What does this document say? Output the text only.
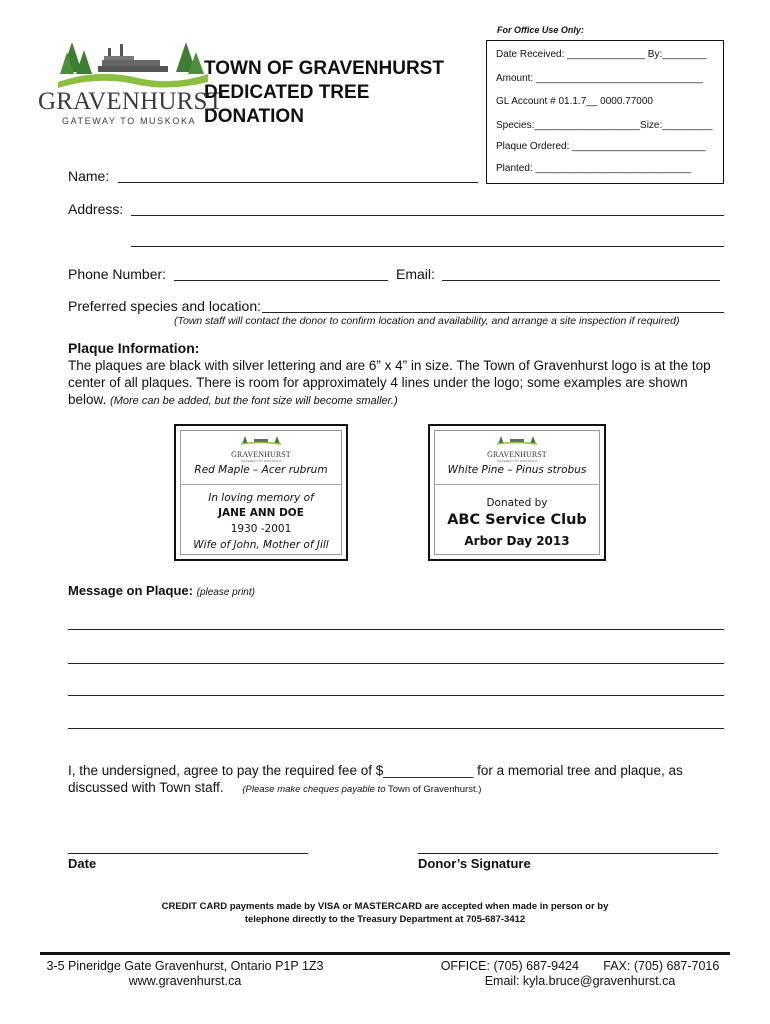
GRAVENHURST
GATEWAY TO MUSKOKA
TOWN OF GRAVENHURST
DEDICATED TREE
DONATION
For Office Use Only:
Date Received: ______________ By:________
Amount: ______________________________
GL Account # 01.1.7__ 0000.77000
Species:___________________Size:_________
Plaque Ordered: ________________________
Planted: ____________________________
Name:
Address:
Phone Number:	Email:
Preferred species and location:
(Town staff will contact the donor to confirm location and availability, and arrange a site inspection if required)
Plaque Information:
The plaques are black with silver lettering and are 6” x 4” in size. The Town of Gravenhurst logo is at the top center of all plaques. There is room for approximately 4 lines under the logo; some examples are shown below. (More can be added, but the font size will become smaller.)
GRAVENHURST
GATEWAY TO MUSKOKA
Red Maple – Acer rubrum
In loving memory of
JANE ANN DOE
1930 -2001
Wife of John, Mother of Jill
GRAVENHURST
GATEWAY TO MUSKOKA
White Pine – Pinus strobus
Donated by
ABC Service Club
Arbor Day 2013
Message on Plaque: (please print)
I, the undersigned, agree to pay the required fee of $____________ for a memorial tree and plaque, as discussed with Town staff. (Please make cheques payable to Town of Gravenhurst.)
Date	Donor’s Signature
CREDIT CARD payments made by VISA or MASTERCARD are accepted when made in person or by
telephone directly to the Treasury Department at 705-687-3412
3-5 Pineridge Gate Gravenhurst, Ontario P1P 1Z3
www.gravenhurst.ca
OFFICE: (705) 687-9424 FAX: (705) 687-7016
Email: kyla.bruce@gravenhurst.ca
